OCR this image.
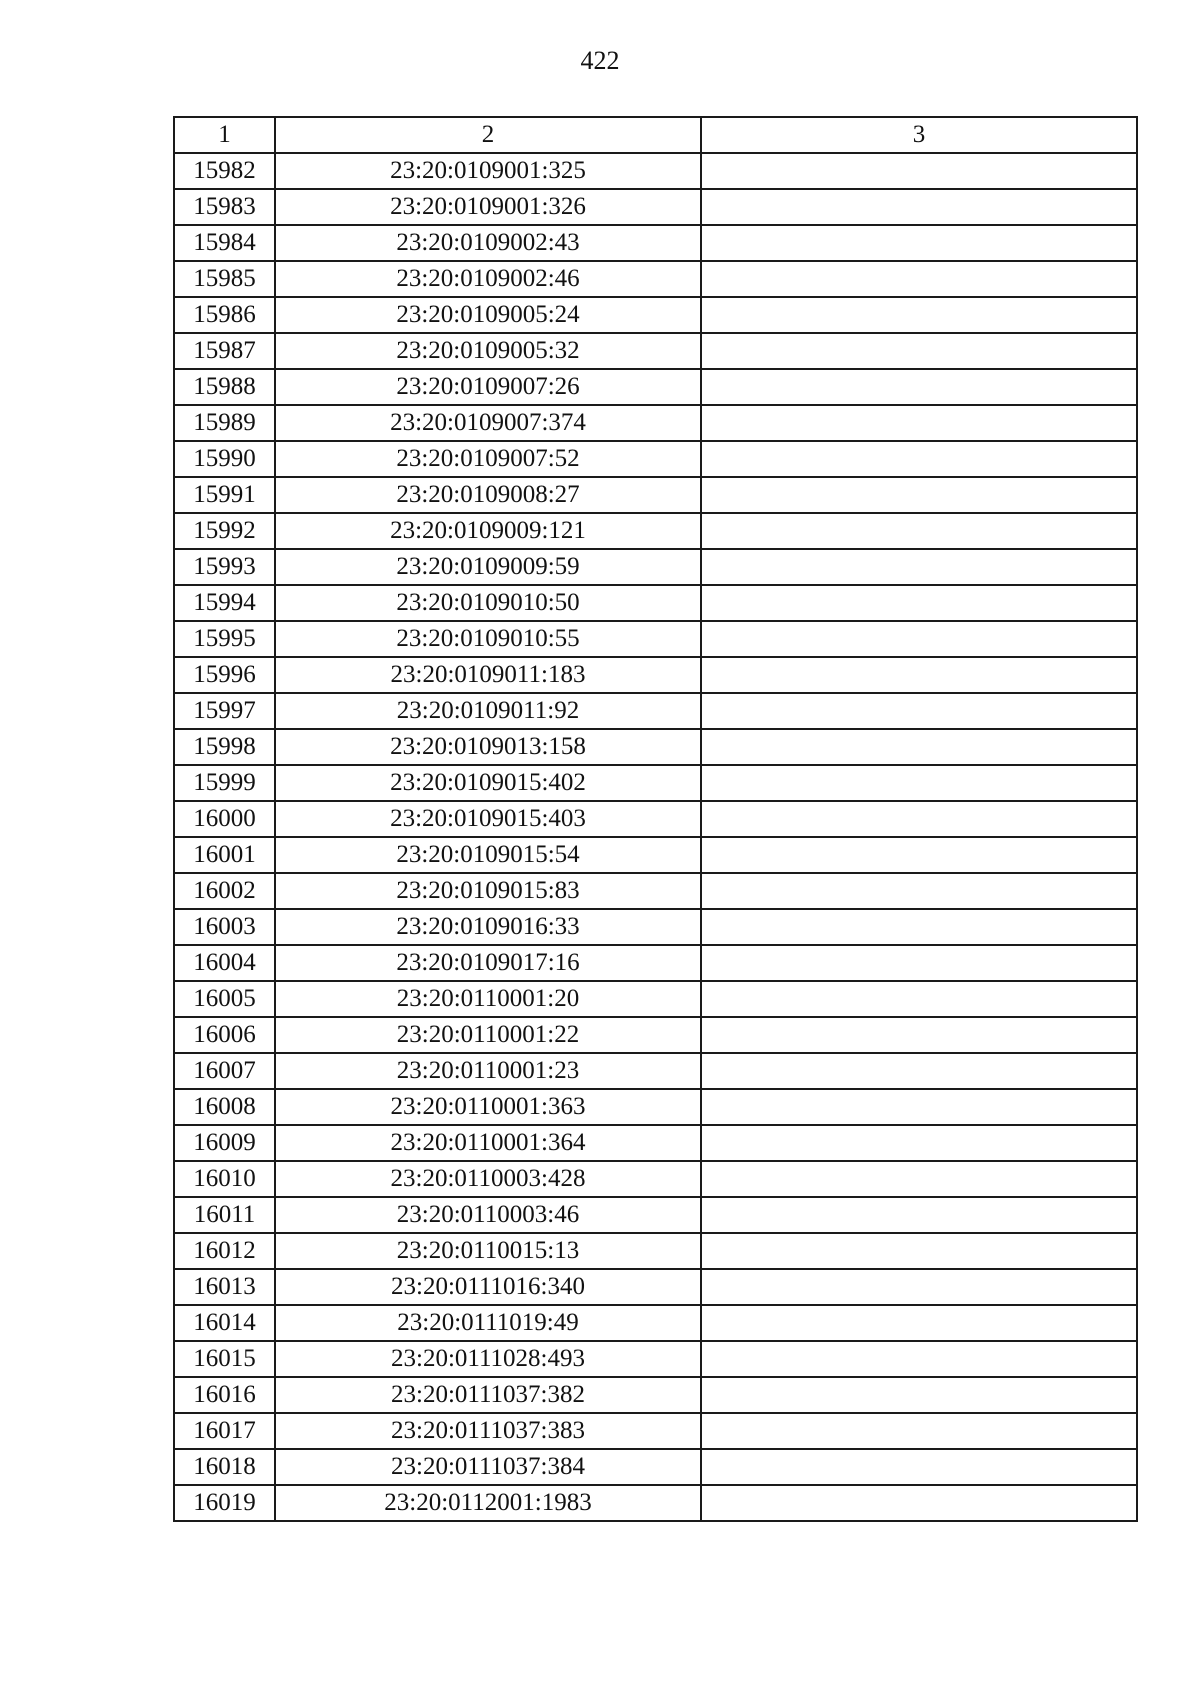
422
1	2	3
15982	23:20:0109001:325	
15983	23:20:0109001:326	
15984	23:20:0109002:43	
15985	23:20:0109002:46	
15986	23:20:0109005:24	
15987	23:20:0109005:32	
15988	23:20:0109007:26	
15989	23:20:0109007:374	
15990	23:20:0109007:52	
15991	23:20:0109008:27	
15992	23:20:0109009:121	
15993	23:20:0109009:59	
15994	23:20:0109010:50	
15995	23:20:0109010:55	
15996	23:20:0109011:183	
15997	23:20:0109011:92	
15998	23:20:0109013:158	
15999	23:20:0109015:402	
16000	23:20:0109015:403	
16001	23:20:0109015:54	
16002	23:20:0109015:83	
16003	23:20:0109016:33	
16004	23:20:0109017:16	
16005	23:20:0110001:20	
16006	23:20:0110001:22	
16007	23:20:0110001:23	
16008	23:20:0110001:363	
16009	23:20:0110001:364	
16010	23:20:0110003:428	
16011	23:20:0110003:46	
16012	23:20:0110015:13	
16013	23:20:0111016:340	
16014	23:20:0111019:49	
16015	23:20:0111028:493	
16016	23:20:0111037:382	
16017	23:20:0111037:383	
16018	23:20:0111037:384	
16019	23:20:0112001:1983	
